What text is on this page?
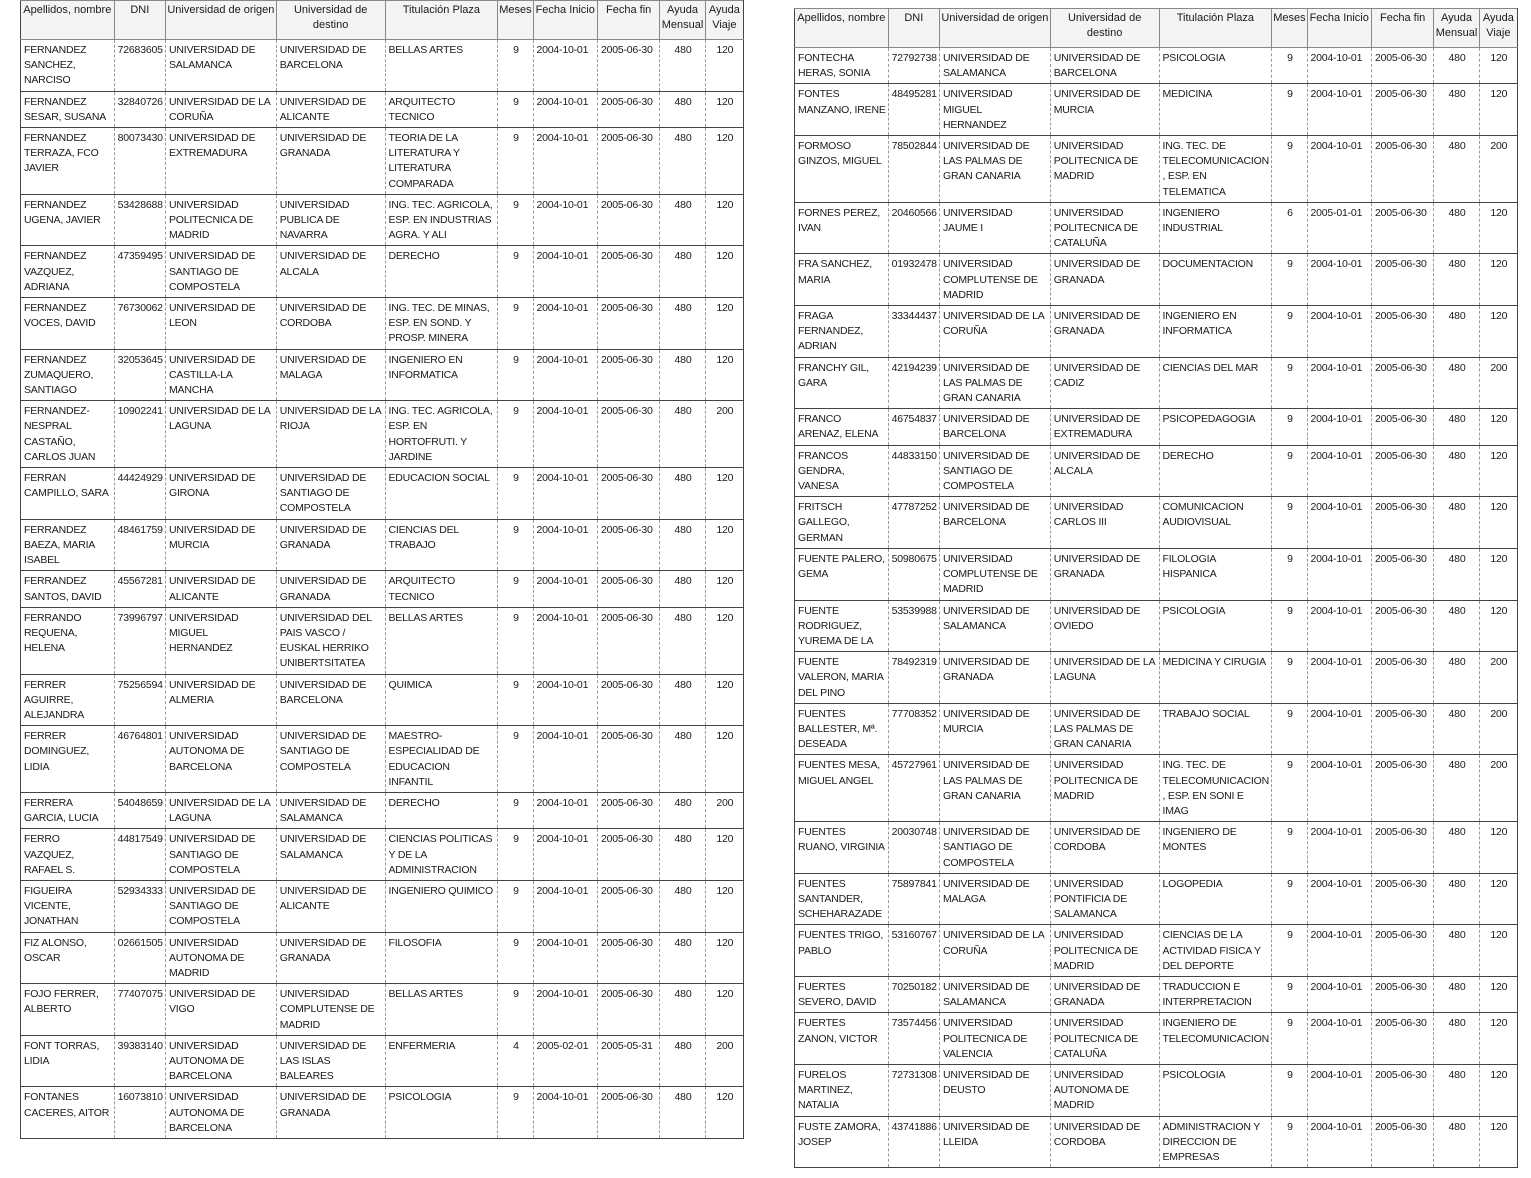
Apellidos, nombre	DNI	Universidad de origen	Universidad de destino	Titulación Plaza	Meses	Fecha Inicio	Fecha fin	Ayuda Mensual	Ayuda Viaje
FERNANDEZ SANCHEZ, NARCISO	72683605	UNIVERSIDAD DE SALAMANCA	UNIVERSIDAD DE BARCELONA	BELLAS ARTES	9	2004-10-01	2005-06-30	480	120
FERNANDEZ SESAR, SUSANA	32840726	UNIVERSIDAD DE LA CORUÑA	UNIVERSIDAD DE ALICANTE	ARQUITECTO TECNICO	9	2004-10-01	2005-06-30	480	120
FERNANDEZ TERRAZA, FCO JAVIER	80073430	UNIVERSIDAD DE EXTREMADURA	UNIVERSIDAD DE GRANADA	TEORIA DE LA LITERATURA Y LITERATURA COMPARADA	9	2004-10-01	2005-06-30	480	120
FERNANDEZ UGENA, JAVIER	53428688	UNIVERSIDAD POLITECNICA DE MADRID	UNIVERSIDAD PUBLICA DE NAVARRA	ING. TEC. AGRICOLA, ESP. EN INDUSTRIAS AGRA. Y ALI	9	2004-10-01	2005-06-30	480	120
FERNANDEZ VAZQUEZ, ADRIANA	47359495	UNIVERSIDAD DE SANTIAGO DE COMPOSTELA	UNIVERSIDAD DE ALCALA	DERECHO	9	2004-10-01	2005-06-30	480	120
FERNANDEZ VOCES, DAVID	76730062	UNIVERSIDAD DE LEON	UNIVERSIDAD DE CORDOBA	ING. TEC. DE MINAS, ESP. EN SOND. Y PROSP. MINERA	9	2004-10-01	2005-06-30	480	120
FERNANDEZ ZUMAQUERO, SANTIAGO	32053645	UNIVERSIDAD DE CASTILLA-LA MANCHA	UNIVERSIDAD DE MALAGA	INGENIERO EN INFORMATICA	9	2004-10-01	2005-06-30	480	120
FERNANDEZ-NESPRAL CASTAÑO, CARLOS JUAN	10902241	UNIVERSIDAD DE LA LAGUNA	UNIVERSIDAD DE LA RIOJA	ING. TEC. AGRICOLA, ESP. EN HORTOFRUTI. Y JARDINE	9	2004-10-01	2005-06-30	480	200
FERRAN CAMPILLO, SARA	44424929	UNIVERSIDAD DE GIRONA	UNIVERSIDAD DE SANTIAGO DE COMPOSTELA	EDUCACION SOCIAL	9	2004-10-01	2005-06-30	480	120
FERRANDEZ BAEZA, MARIA ISABEL	48461759	UNIVERSIDAD DE MURCIA	UNIVERSIDAD DE GRANADA	CIENCIAS DEL TRABAJO	9	2004-10-01	2005-06-30	480	120
FERRANDEZ SANTOS, DAVID	45567281	UNIVERSIDAD DE ALICANTE	UNIVERSIDAD DE GRANADA	ARQUITECTO TECNICO	9	2004-10-01	2005-06-30	480	120
FERRANDO REQUENA, HELENA	73996797	UNIVERSIDAD MIGUEL HERNANDEZ	UNIVERSIDAD DEL PAIS VASCO / EUSKAL HERRIKO UNIBERTSITATEA	BELLAS ARTES	9	2004-10-01	2005-06-30	480	120
FERRER AGUIRRE, ALEJANDRA	75256594	UNIVERSIDAD DE ALMERIA	UNIVERSIDAD DE BARCELONA	QUIMICA	9	2004-10-01	2005-06-30	480	120
FERRER DOMINGUEZ, LIDIA	46764801	UNIVERSIDAD AUTONOMA DE BARCELONA	UNIVERSIDAD DE SANTIAGO DE COMPOSTELA	MAESTRO-ESPECIALIDAD DE EDUCACION INFANTIL	9	2004-10-01	2005-06-30	480	120
FERRERA GARCIA, LUCIA	54048659	UNIVERSIDAD DE LA LAGUNA	UNIVERSIDAD DE SALAMANCA	DERECHO	9	2004-10-01	2005-06-30	480	200
FERRO VAZQUEZ, RAFAEL S.	44817549	UNIVERSIDAD DE SANTIAGO DE COMPOSTELA	UNIVERSIDAD DE SALAMANCA	CIENCIAS POLITICAS Y DE LA ADMINISTRACION	9	2004-10-01	2005-06-30	480	120
FIGUEIRA VICENTE, JONATHAN	52934333	UNIVERSIDAD DE SANTIAGO DE COMPOSTELA	UNIVERSIDAD DE ALICANTE	INGENIERO QUIMICO	9	2004-10-01	2005-06-30	480	120
FIZ ALONSO, OSCAR	02661505	UNIVERSIDAD AUTONOMA DE MADRID	UNIVERSIDAD DE GRANADA	FILOSOFIA	9	2004-10-01	2005-06-30	480	120
FOJO FERRER, ALBERTO	77407075	UNIVERSIDAD DE VIGO	UNIVERSIDAD COMPLUTENSE DE MADRID	BELLAS ARTES	9	2004-10-01	2005-06-30	480	120
FONT TORRAS, LIDIA	39383140	UNIVERSIDAD AUTONOMA DE BARCELONA	UNIVERSIDAD DE LAS ISLAS BALEARES	ENFERMERIA	4	2005-02-01	2005-05-31	480	200
FONTANES CACERES, AITOR	16073810	UNIVERSIDAD AUTONOMA DE BARCELONA	UNIVERSIDAD DE GRANADA	PSICOLOGIA	9	2004-10-01	2005-06-30	480	120
Apellidos, nombre	DNI	Universidad de origen	Universidad de destino	Titulación Plaza	Meses	Fecha Inicio	Fecha fin	Ayuda Mensual	Ayuda Viaje
FONTECHA HERAS, SONIA	72792738	UNIVERSIDAD DE SALAMANCA	UNIVERSIDAD DE BARCELONA	PSICOLOGIA	9	2004-10-01	2005-06-30	480	120
FONTES MANZANO, IRENE	48495281	UNIVERSIDAD MIGUEL HERNANDEZ	UNIVERSIDAD DE MURCIA	MEDICINA	9	2004-10-01	2005-06-30	480	120
FORMOSO GINZOS, MIGUEL	78502844	UNIVERSIDAD DE LAS PALMAS DE GRAN CANARIA	UNIVERSIDAD POLITECNICA DE MADRID	ING. TEC. DE TELECOMUNICACION, ESP. EN TELEMATICA	9	2004-10-01	2005-06-30	480	200
FORNES PEREZ, IVAN	20460566	UNIVERSIDAD JAUME I	UNIVERSIDAD POLITECNICA DE CATALUÑA	INGENIERO INDUSTRIAL	6	2005-01-01	2005-06-30	480	120
FRA SANCHEZ, MARIA	01932478	UNIVERSIDAD COMPLUTENSE DE MADRID	UNIVERSIDAD DE GRANADA	DOCUMENTACION	9	2004-10-01	2005-06-30	480	120
FRAGA FERNANDEZ, ADRIAN	33344437	UNIVERSIDAD DE LA CORUÑA	UNIVERSIDAD DE GRANADA	INGENIERO EN INFORMATICA	9	2004-10-01	2005-06-30	480	120
FRANCHY GIL, GARA	42194239	UNIVERSIDAD DE LAS PALMAS DE GRAN CANARIA	UNIVERSIDAD DE CADIZ	CIENCIAS DEL MAR	9	2004-10-01	2005-06-30	480	200
FRANCO ARENAZ, ELENA	46754837	UNIVERSIDAD DE BARCELONA	UNIVERSIDAD DE EXTREMADURA	PSICOPEDAGOGIA	9	2004-10-01	2005-06-30	480	120
FRANCOS GENDRA, VANESA	44833150	UNIVERSIDAD DE SANTIAGO DE COMPOSTELA	UNIVERSIDAD DE ALCALA	DERECHO	9	2004-10-01	2005-06-30	480	120
FRITSCH GALLEGO, GERMAN	47787252	UNIVERSIDAD DE BARCELONA	UNIVERSIDAD CARLOS III	COMUNICACION AUDIOVISUAL	9	2004-10-01	2005-06-30	480	120
FUENTE PALERO, GEMA	50980675	UNIVERSIDAD COMPLUTENSE DE MADRID	UNIVERSIDAD DE GRANADA	FILOLOGIA HISPANICA	9	2004-10-01	2005-06-30	480	120
FUENTE RODRIGUEZ, YUREMA DE LA	53539988	UNIVERSIDAD DE SALAMANCA	UNIVERSIDAD DE OVIEDO	PSICOLOGIA	9	2004-10-01	2005-06-30	480	120
FUENTE VALERON, MARIA DEL PINO	78492319	UNIVERSIDAD DE GRANADA	UNIVERSIDAD DE LA LAGUNA	MEDICINA Y CIRUGIA	9	2004-10-01	2005-06-30	480	200
FUENTES BALLESTER, Mª. DESEADA	77708352	UNIVERSIDAD DE MURCIA	UNIVERSIDAD DE LAS PALMAS DE GRAN CANARIA	TRABAJO SOCIAL	9	2004-10-01	2005-06-30	480	200
FUENTES MESA, MIGUEL ANGEL	45727961	UNIVERSIDAD DE LAS PALMAS DE GRAN CANARIA	UNIVERSIDAD POLITECNICA DE MADRID	ING. TEC. DE TELECOMUNICACION, ESP. EN SONI E IMAG	9	2004-10-01	2005-06-30	480	200
FUENTES RUANO, VIRGINIA	20030748	UNIVERSIDAD DE SANTIAGO DE COMPOSTELA	UNIVERSIDAD DE CORDOBA	INGENIERO DE MONTES	9	2004-10-01	2005-06-30	480	120
FUENTES SANTANDER, SCHEHARAZADE	75897841	UNIVERSIDAD DE MALAGA	UNIVERSIDAD PONTIFICIA DE SALAMANCA	LOGOPEDIA	9	2004-10-01	2005-06-30	480	120
FUENTES TRIGO, PABLO	53160767	UNIVERSIDAD DE LA CORUÑA	UNIVERSIDAD POLITECNICA DE MADRID	CIENCIAS DE LA ACTIVIDAD FISICA Y DEL DEPORTE	9	2004-10-01	2005-06-30	480	120
FUERTES SEVERO, DAVID	70250182	UNIVERSIDAD DE SALAMANCA	UNIVERSIDAD DE GRANADA	TRADUCCION E INTERPRETACION	9	2004-10-01	2005-06-30	480	120
FUERTES ZANON, VICTOR	73574456	UNIVERSIDAD POLITECNICA DE VALENCIA	UNIVERSIDAD POLITECNICA DE CATALUÑA	INGENIERO DE TELECOMUNICACION	9	2004-10-01	2005-06-30	480	120
FURELOS MARTINEZ, NATALIA	72731308	UNIVERSIDAD DE DEUSTO	UNIVERSIDAD AUTONOMA DE MADRID	PSICOLOGIA	9	2004-10-01	2005-06-30	480	120
FUSTE ZAMORA, JOSEP	43741886	UNIVERSIDAD DE LLEIDA	UNIVERSIDAD DE CORDOBA	ADMINISTRACION Y DIRECCION DE EMPRESAS	9	2004-10-01	2005-06-30	480	120
